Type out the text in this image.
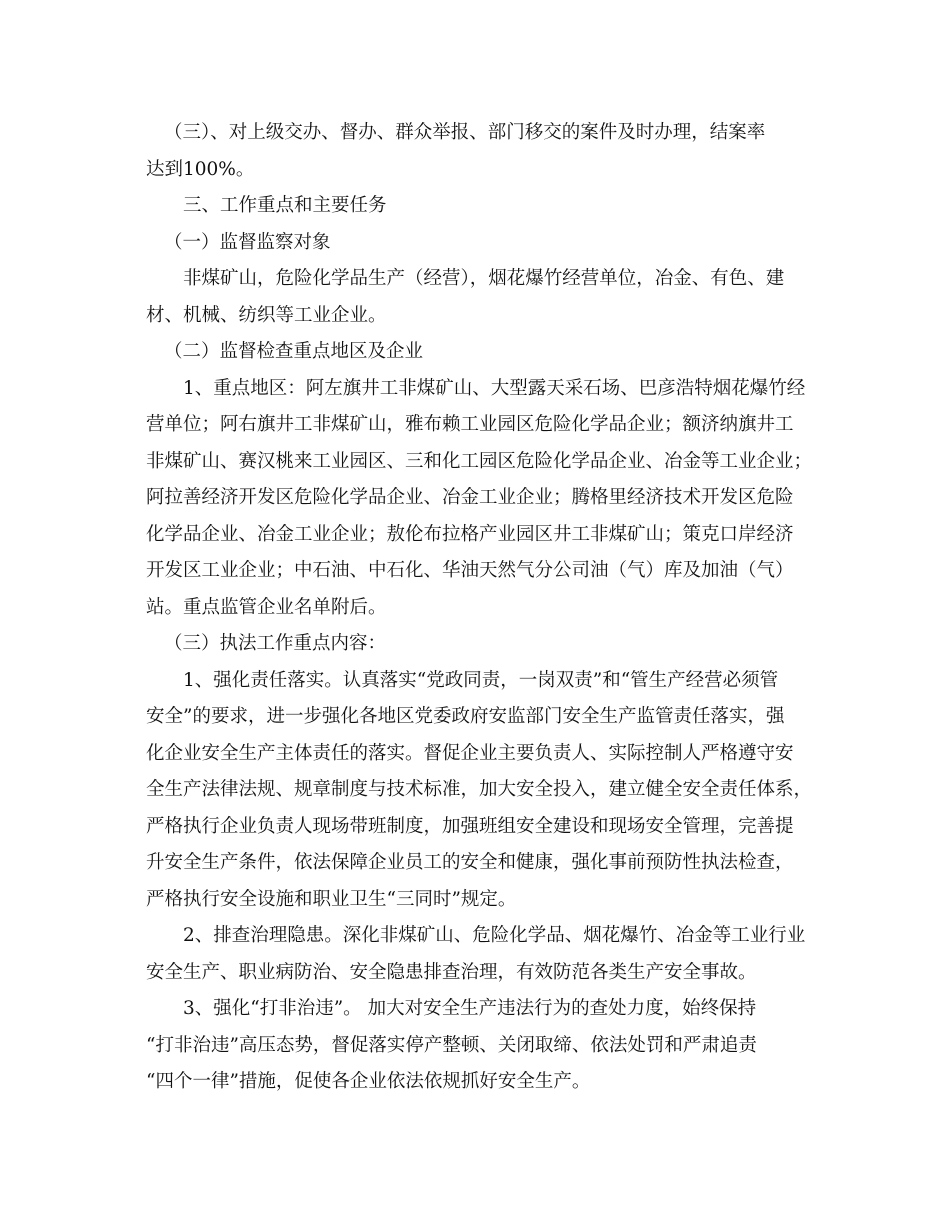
（三）、对上级交办、督办、群众举报、部门移交的案件及时办理，结案率
达到100%。
三、工作重点和主要任务
（一）监督监察对象
非煤矿山，危险化学品生产（经营），烟花爆竹经营单位，冶金、有色、建
材、机械、纺织等工业企业。
（二）监督检查重点地区及企业
1、重点地区：阿左旗井工非煤矿山、大型露天采石场、巴彦浩特烟花爆竹经
营单位；阿右旗井工非煤矿山，雅布赖工业园区危险化学品企业；额济纳旗井工
非煤矿山、赛汉桃来工业园区、三和化工园区危险化学品企业、冶金等工业企业；
阿拉善经济开发区危险化学品企业、冶金工业企业；腾格里经济技术开发区危险
化学品企业、冶金工业企业；敖伦布拉格产业园区井工非煤矿山；策克口岸经济
开发区工业企业；中石油、中石化、华油天然气分公司油（气）库及加油（气）
站。重点监管企业名单附后。
（三）执法工作重点内容：
1、强化责任落实。认真落实“党政同责，一岗双责”和“管生产经营必须管
安全”的要求，进一步强化各地区党委政府安监部门安全生产监管责任落实，强
化企业安全生产主体责任的落实。督促企业主要负责人、实际控制人严格遵守安
全生产法律法规、规章制度与技术标准，加大安全投入，建立健全安全责任体系，
严格执行企业负责人现场带班制度，加强班组安全建设和现场安全管理，完善提
升安全生产条件，依法保障企业员工的安全和健康，强化事前预防性执法检查，
严格执行安全设施和职业卫生“三同时”规定。
2、排查治理隐患。深化非煤矿山、危险化学品、烟花爆竹、冶金等工业行业
安全生产、职业病防治、安全隐患排查治理，有效防范各类生产安全事故。
3、强化“打非治违”。 加大对安全生产违法行为的查处力度，始终保持
“打非治违”高压态势，督促落实停产整顿、关闭取缔、依法处罚和严肃追责
“四个一律”措施，促使各企业依法依规抓好安全生产。
